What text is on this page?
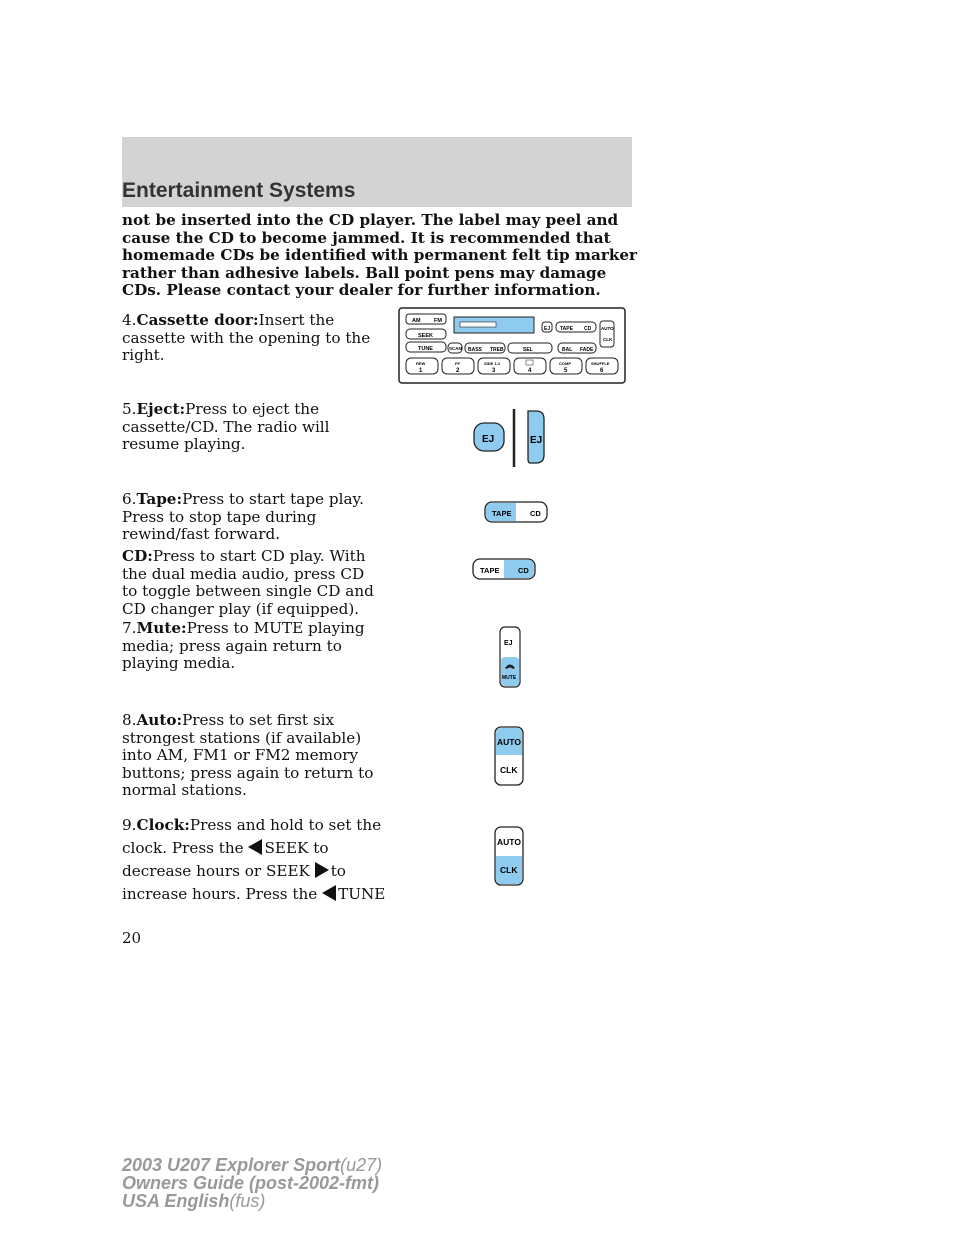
Entertainment Systems
not be inserted into the CD player. The label may peel and cause the CD to become jammed. It is recommended that homemade CDs be identified with permanent felt tip marker rather than adhesive labels. Ball point pens may damage CDs. Please contact your dealer for further information.
4.Cassette door:Insert the cassette with the opening to the right.
5.Eject:Press to eject the cassette/CD. The radio will resume playing.
6.Tape:Press to start tape play. Press to stop tape during rewind/fast forward.
CD:Press to start CD play. With the dual media audio, press CD to toggle between single CD and CD changer play (if equipped).
7.Mute:Press to MUTE playing media; press again return to playing media.
8.Auto:Press to set first six strongest stations (if available) into AM, FM1 or FM2 memory buttons; press again to return to normal stations.
9.Clock:Press and hold to set the clock. Press the SEEK to decrease hours or SEEK to increase hours. Press the TUNE
AM FM
SEEK
TUNE
EJ TAPE CD AUTO
CLK
SCAN BASS TREB	SEL	BAL FADE
REW
1
FF
2
SIDE 1-2
3	4
COMP
5
SHUFFLE
6
EJ	EJ
TAPE CD
TAPE CD
EJ
MUTE
AUTO
CLK
AUTO
CLK
20
2003 U207 Explorer Sport(u27)
Owners Guide (post-2002-fmt)
USA English(fus)
